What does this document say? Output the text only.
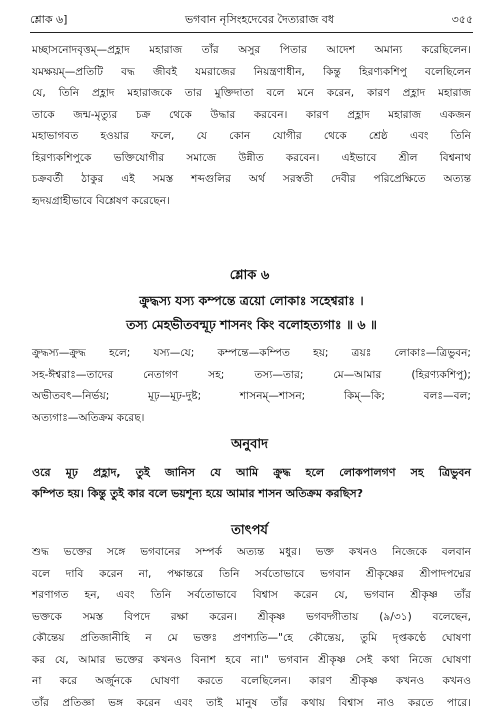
শ্লোক ৬]	ভগবান নৃসিংহদেবের দৈত্যরাজ বধ	৩৫৫
মচ্ছাসনোদবৃত্তম্—প্রহ্লাদ মহারাজ তাঁর অসুর পিতার আদেশ অমান্য করেছিলেন।
যমক্ষয়ম্—প্রতিটি বদ্ধ জীবই যমরাজের নিয়ন্ত্রণাধীন, কিন্তু হিরণ্যকশিপু বলেছিলেন
যে, তিনি প্রহ্লাদ মহারাজকে তার মুক্তিদাতা বলে মনে করেন, কারণ প্রহ্লাদ মহারাজ
তাকে জন্ম-মৃত্যুর চক্র থেকে উদ্ধার করবেন। কারণ প্রহ্লাদ মহারাজ একজন
মহাভাগবত হওয়ার ফলে, যে কোন যোগীর থেকে শ্রেষ্ঠ এবং তিনি
হিরণ্যকশিপুকে ভক্তিযোগীর সমাজে উন্নীত করবেন। এইভাবে শ্রীল বিশ্বনাথ
চক্রবর্তী ঠাকুর এই সমস্ত শব্দগুলির অর্থ সরস্বতী দেবীর পরিপ্রেক্ষিতে অত্যন্ত
হৃদয়গ্রাহীভাবে বিশ্লেষণ করেছেন।
শ্লোক ৬
ক্রুদ্ধস্য যস্য কম্পন্তে ত্রয়ো লোকাঃ সহেশ্বরাঃ ।
তস্য মেহভীতবন্মূঢ় শাসনং কিং বলোহত্যগাঃ ॥ ৬ ॥
ক্রুদ্ধস্য—ক্রুদ্ধ হলে; যস্য—যে; কম্পন্তে—কম্পিত হয়; ত্রয়ঃ লোকাঃ—ত্রিভুবন;
সহ-ঈশ্বরাঃ—তাদের নেতাগণ সহ; তস্য—তার; মে—আমার (হিরণ্যকশিপু);
অভীতবৎ—নির্ভয়; মূঢ়—মূঢ়-দুষ্ট; শাসনম্—শাসন; কিম্—কি; বলঃ—বল;
অত্যগাঃ—অতিক্রম করেছ।
অনুবাদ
ওরে মূঢ় প্রহ্লাদ, তুই জানিস যে আমি ক্রুদ্ধ হলে লোকপালগণ সহ ত্রিভুবন
কম্পিত হয়। কিন্তু তুই কার বলে ভয়শূন্য হয়ে আমার শাসন অতিক্রম করছিস?
তাৎপর্য
শুদ্ধ ভক্তের সঙ্গে ভগবানের সম্পর্ক অত্যন্ত মধুর। ভক্ত কখনও নিজেকে বলবান
বলে দাবি করেন না, পক্ষান্তরে তিনি সর্বতোভাবে ভগবান শ্রীকৃষ্ণের শ্রীপাদপদ্মের
শরণাগত হন, এবং তিনি সর্বতোভাবে বিশ্বাস করেন যে, ভগবান শ্রীকৃষ্ণ তাঁর
ভক্তকে সমস্ত বিপদে রক্ষা করেন। শ্রীকৃষ্ণ ভগবদ্গীতায় (৯/৩১) বলেছেন,
কৌন্তেয় প্রতিজানীহি ন মে ভক্তঃ প্রণশ্যতি—"হে কৌন্তেয়, তুমি দৃপ্তকণ্ঠে ঘোষণা
কর যে, আমার ভক্তের কখনও বিনাশ হবে না।" ভগবান শ্রীকৃষ্ণ সেই কথা নিজে ঘোষণা
না করে অর্জুনকে ঘোষণা করতে বলেছিলেন। কারণ শ্রীকৃষ্ণ কখনও কখনও
তাঁর প্রতিজ্ঞা ভঙ্গ করেন এবং তাই মানুষ তাঁর কথায় বিশ্বাস নাও করতে পারে।
